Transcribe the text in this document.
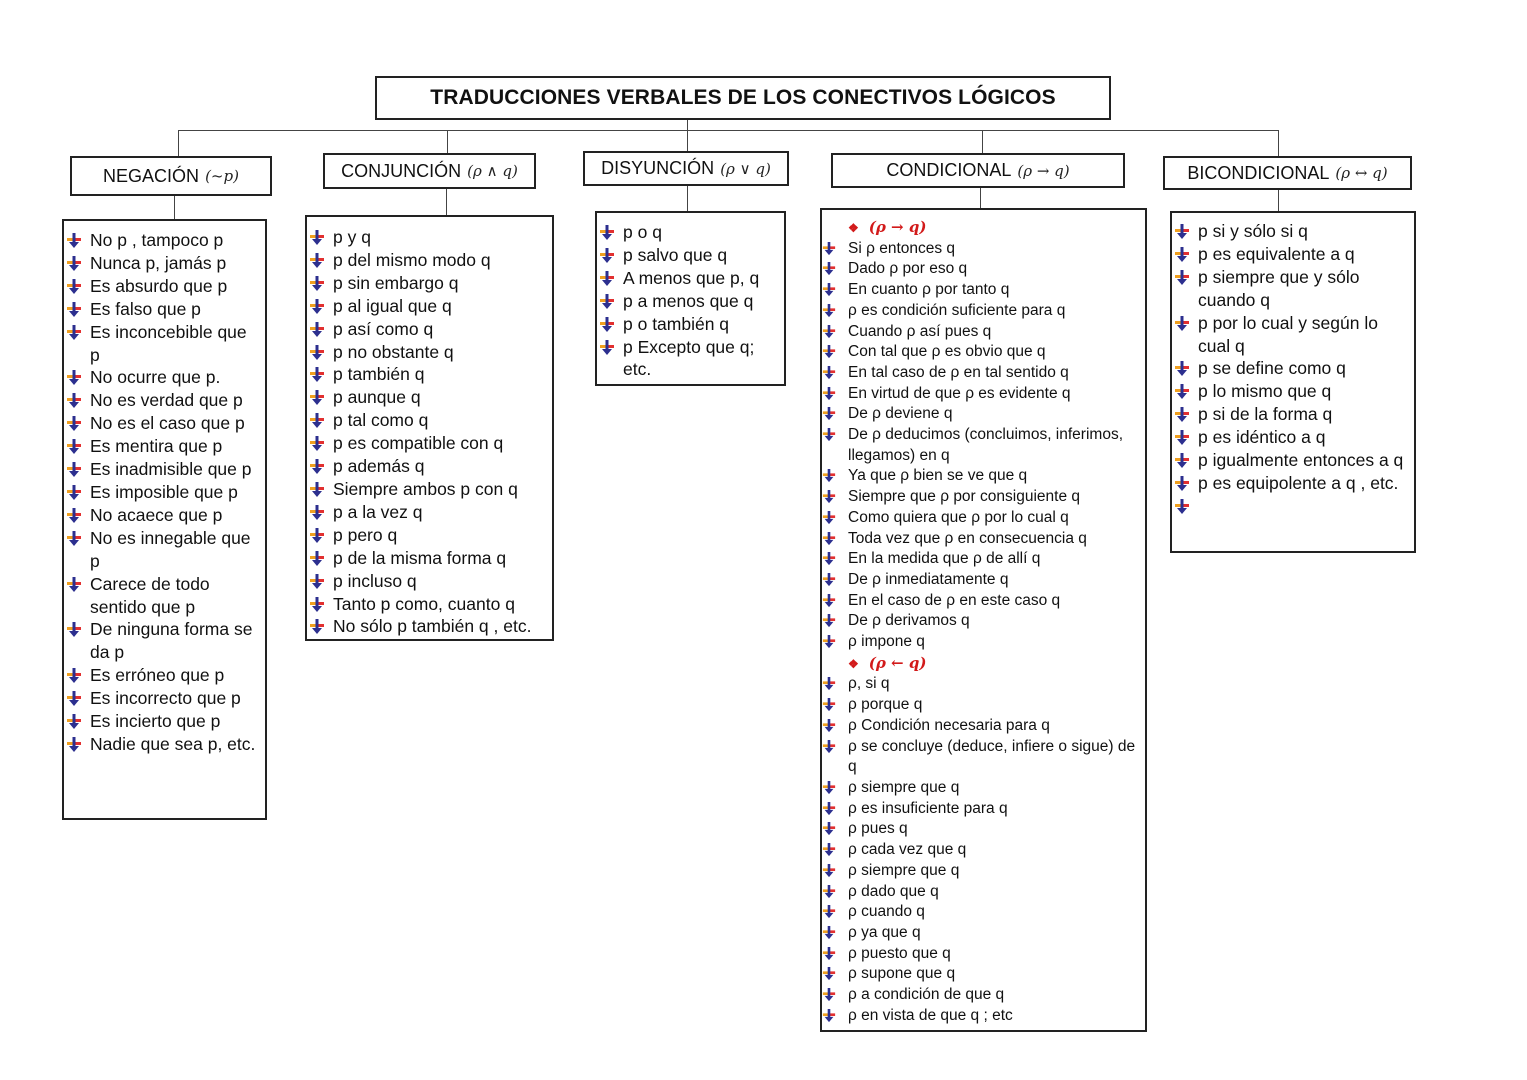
TRADUCCIONES VERBALES DE LOS CONECTIVOS LÓGICOS
NEGACIÓN (~p)	CONJUNCIÓN (ρ ∧ q)	DISYUNCIÓN (ρ ∨ q)	CONDICIONAL (ρ → q)	BICONDICIONAL (ρ ↔ q)
No p , tampoco p
Nunca p, jamás p
Es absurdo que p
Es falso que p
Es inconcebible que p
No ocurre que p.
No es verdad que p
No es el caso que p
Es mentira que p
Es inadmisible que p
Es imposible que p
No acaece que p
No es innegable que p
Carece de todo sentido que p
De ninguna forma se da p
Es erróneo que p
Es incorrecto que p
Es incierto que p
Nadie que sea p, etc.
p y q
p del mismo modo q
p sin embargo q
p al igual que q
p así como q
p no obstante q
p también q
p aunque q
p tal como q
p es compatible con q
p además q
Siempre ambos p con q
p a la vez q
p pero q
p de la misma forma q
p incluso q
Tanto p como, cuanto q
No sólo p también q , etc.
p o q
p salvo que q
A menos que p, q
p a menos que q
p o también q
p Excepto que q; etc.
❖ (ρ → q)
Si ρ entonces q
Dado ρ por eso q
En cuanto ρ por tanto q
ρ es condición suficiente para q
Cuando ρ así pues q
Con tal que ρ es obvio que q
En tal caso de ρ en tal sentido q
En virtud de que ρ es evidente q
De ρ deviene q
De ρ deducimos (concluimos, inferimos, llegamos) en q
Ya que ρ bien se ve que q
Siempre que ρ por consiguiente q
Como quiera que ρ por lo cual q
Toda vez que ρ en consecuencia q
En la medida que ρ de allí q
De ρ inmediatamente q
En el caso de ρ en este caso q
De ρ derivamos q
ρ impone q
❖ (ρ ← q)
ρ, si q
ρ porque q
ρ Condición necesaria para q
ρ se concluye (deduce, infiere o sigue) de q
ρ siempre que q
ρ es insuficiente para q
ρ pues q
ρ cada vez que q
ρ siempre que q
ρ dado que q
ρ cuando q
ρ ya que q
ρ puesto que q
ρ supone que q
ρ a condición de que q
ρ en vista de que q ; etc
p si y sólo si q
p es equivalente a q
p siempre que y sólo cuando q
p por lo cual y según lo cual q
p se define como q
p lo mismo que q
p si de la forma q
p es idéntico a q
p igualmente entonces a q
p es equipolente a q , etc.
